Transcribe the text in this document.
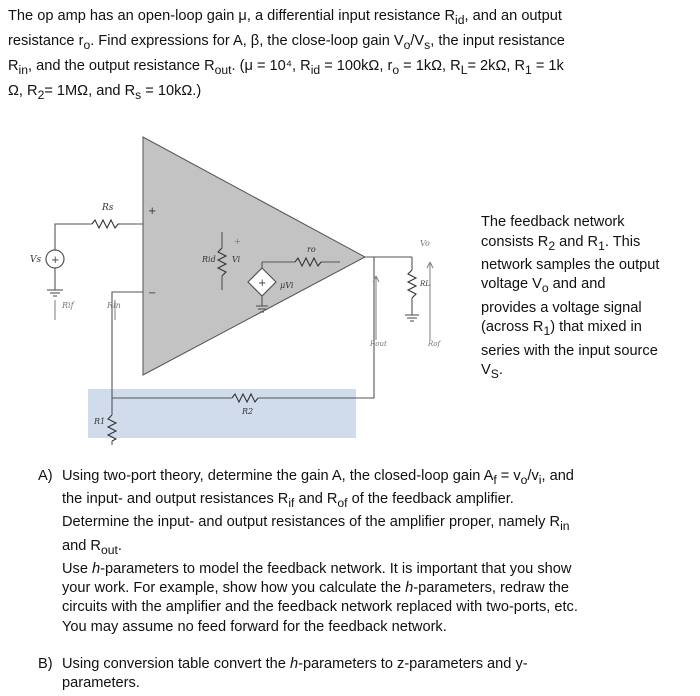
The op amp has an open-loop gain μ, a differential input resistance $R_{id}$, and an output
resistance $r_o$. Find expressions for A, β, the close-loop gain $V_o/V_s$, the input resistance
$R_{in}$, and the output resistance $R_{out}$. (μ = 10⁴, $R_{id} = 100k\Omega$, $r_o = 1k\Omega$, $R_L= 2k\Omega$, $R_1 = 1k$
Ω, $R_2= 1M\Omega$, and $R_s = 10k\Omega$.)
+
+
Vs
Rs
Rif	Rin
Rid Vi
+
−
+
ro
μVi
Vo
RL
Rout	Rof
R1
R2
The feedback network
consists $R_2$ and $R_1$. This
network samples the output
voltage $V_o$ and and
provides a voltage signal
(across $R_1$) that mixed in
series with the input source
$V_S$.
A) Using two-port theory, determine the gain A, the closed-loop gain $A_f = v_o/v_i$, and

the input- and output resistances $R_{if}$ and $R_{of}$ of the feedback amplifier.

Determine the input- and output resistances of the amplifier proper, namely $R_{in}$

and $R_{out}$.

Use h-parameters to model the feedback network. It is important that you show

your work. For example, show how you calculate the h-parameters, redraw the

circuits with the amplifier and the feedback network replaced with two-ports, etc.

You may assume no feed forward for the feedback network.

B) Using conversion table convert the h-parameters to z-parameters and y-

parameters.
